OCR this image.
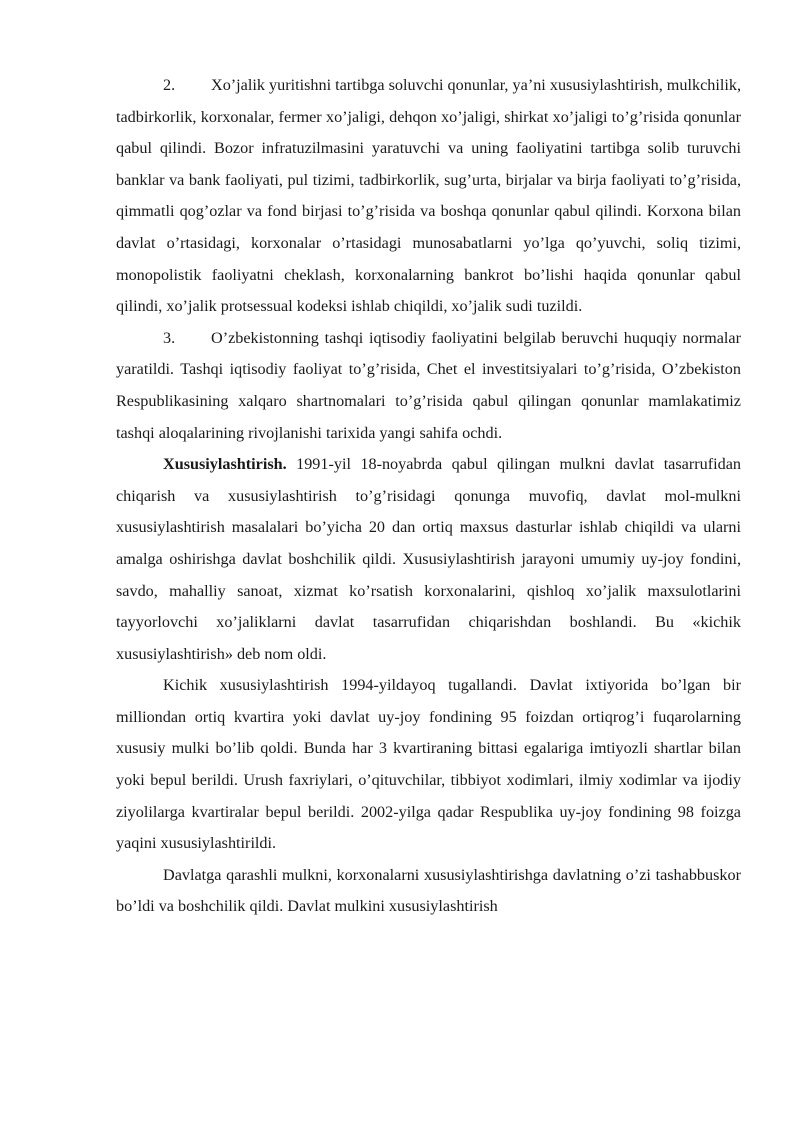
2. Xo’jalik yuritishni tartibga soluvchi qonunlar, ya’ni xususiylashtirish, mulkchilik, tadbirkorlik, korxonalar, fermer xo’jaligi, dehqon xo’jaligi, shirkat xo’jaligi to’g’risida qonunlar qabul qilindi. Bozor infratuzilmasini yaratuvchi va uning faoliyatini tartibga solib turuvchi banklar va bank faoliyati, pul tizimi, tadbirkorlik, sug’urta, birjalar va birja faoliyati to’g’risida, qimmatli qog’ozlar va fond birjasi to’g’risida va boshqa qonunlar qabul qilindi. Korxona bilan davlat o’rtasidagi, korxonalar o’rtasidagi munosabatlarni yo’lga qo’yuvchi, soliq tizimi, monopolistik faoliyatni cheklash, korxonalarning bankrot bo’lishi haqida qonunlar qabul qilindi, xo’jalik protsessual kodeksi ishlab chiqildi, xo’jalik sudi tuzildi.

3. O’zbekistonning tashqi iqtisodiy faoliyatini belgilab beruvchi huquqiy normalar yaratildi. Tashqi iqtisodiy faoliyat to’g’risida, Chet el investitsiyalari to’g’risida, O’zbekiston Respublikasining xalqaro shartnomalari to’g’risida qabul qilingan qonunlar mamlakatimiz tashqi aloqalarining rivojlanishi tarixida yangi sahifa ochdi.

Xususiylashtirish. 1991-yil 18-noyabrda qabul qilingan mulkni davlat tasarrufidan chiqarish va xususiylashtirish to’g’risidagi qonunga muvofiq, davlat mol-mulkni xususiylashtirish masalalari bo’yicha 20 dan ortiq maxsus dasturlar ishlab chiqildi va ularni amalga oshirishga davlat boshchilik qildi. Xususiylashtirish jarayoni umumiy uy-joy fondini, savdo, mahalliy sanoat, xizmat ko’rsatish korxonalarini, qishloq xo’jalik maxsulotlarini tayyorlovchi xo’jaliklarni davlat tasarrufidan chiqarishdan boshlandi. Bu «kichik xususiylashtirish» deb nom oldi.

Kichik xususiylashtirish 1994-yildayoq tugallandi. Davlat ixtiyorida bo’lgan bir milliondan ortiq kvartira yoki davlat uy-joy fondining 95 foizdan ortiqrog’i fuqarolarning xususiy mulki bo’lib qoldi. Bunda har 3 kvartiraning bittasi egalariga imtiyozli shartlar bilan yoki bepul berildi. Urush faxriylari, o’qituvchilar, tibbiyot xodimlari, ilmiy xodimlar va ijodiy ziyolilarga kvartiralar bepul berildi. 2002-yilga qadar Respublika uy-joy fondining 98 foizga yaqini xususiylashtirildi.

Davlatga qarashli mulkni, korxonalarni xususiylashtirishga davlatning o’zi tashabbuskor bo’ldi va boshchilik qildi. Davlat mulkini xususiylashtirish
